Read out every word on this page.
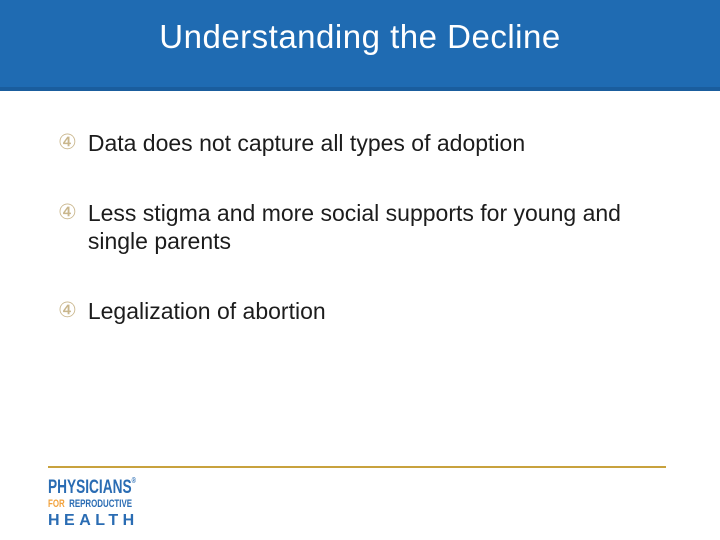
Understanding the Decline
④ Data does not capture all types of adoption
④ Less stigma and more social supports for young and single parents
④ Legalization of abortion
PHYSICIANS®
FOR REPRODUCTIVE
HEALTH
